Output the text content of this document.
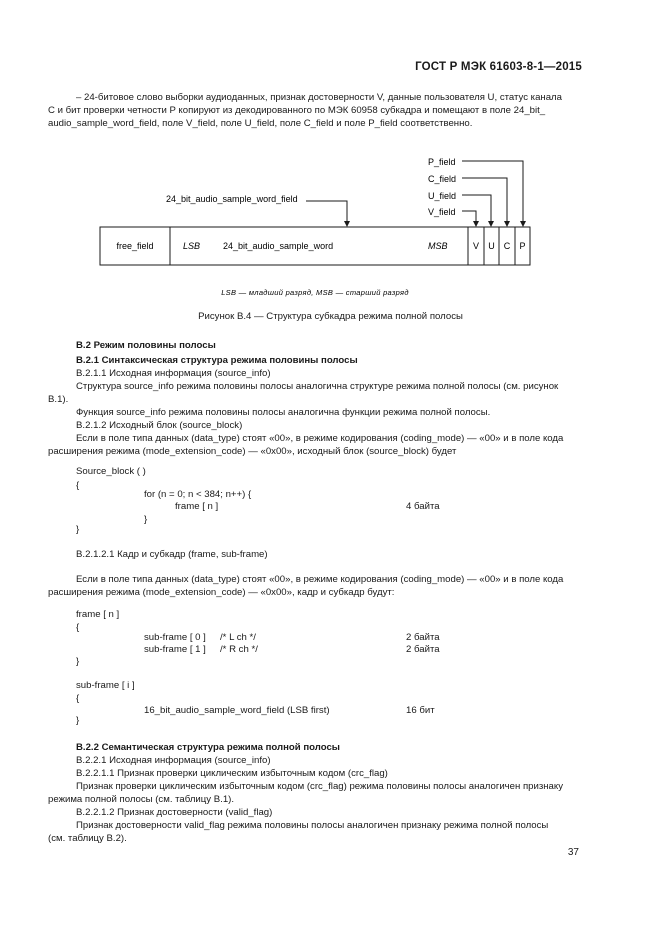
ГОСТ Р МЭК 61603-8-1—2015
– 24-битовое слово выборки аудиоданных, признак достоверности V, данные пользователя U, статус канала
C и бит проверки четности P копируют из декодированного по МЭК 60958 субкадра и помещают в поле 24_bit_
audio_sample_word_field, поле V_field, поле U_field, поле C_field и поле P_field соответственно.
P_field
C_field
U_field
V_field
24_bit_audio_sample_word_field
free_field	LSB	24_bit_audio_sample_word	MSB	V U C P
LSB — младший разряд, MSB — старший разряд
Рисунок B.4 — Структура субкадра режима полной полосы
B.2 Режим половины полосы
B.2.1 Синтаксическая структура режима половины полосы
B.2.1.1 Исходная информация (source_info)
Структура source_info режима половины полосы аналогична структуре режима полной полосы (см. рисунок
B.1).
Функция source_info режима половины полосы аналогична функции режима полной полосы.
B.2.1.2 Исходный блок (source_block)
Если в поле типа данных (data_type) стоят «00», в режиме кодирования (coding_mode) — «00» и в поле кода
расширения режима (mode_extension_code) — «0x00», исходный блок (source_block) будет
Source_block ( )
{
for (n = 0; n < 384; n++) {
frame [ n ]	4 байта
}
}
B.2.1.2.1 Кадр и субкадр (frame, sub-frame)
Если в поле типа данных (data_type) стоят «00», в режиме кодирования (coding_mode) — «00» и в поле кода
расширения режима (mode_extension_code) — «0x00», кадр и субкадр будут:
frame [ n ]
{
sub-frame [ 0 ] /* L ch */	2 байта
sub-frame [ 1 ] /* R ch */	2 байта
}
sub-frame [ i ]
{
16_bit_audio_sample_word_field (LSB first)	16 бит
}
B.2.2 Семантическая структура режима полной полосы
B.2.2.1 Исходная информация (source_info)
B.2.2.1.1 Признак проверки циклическим избыточным кодом (crc_flag)
Признак проверки циклическим избыточным кодом (crc_flag) режима половины полосы аналогичен признаку
режима полной полосы (см. таблицу B.1).
B.2.2.1.2 Признак достоверности (valid_flag)
Признак достоверности valid_flag режима половины полосы аналогичен признаку режима полной полосы
(см. таблицу B.2).
37
